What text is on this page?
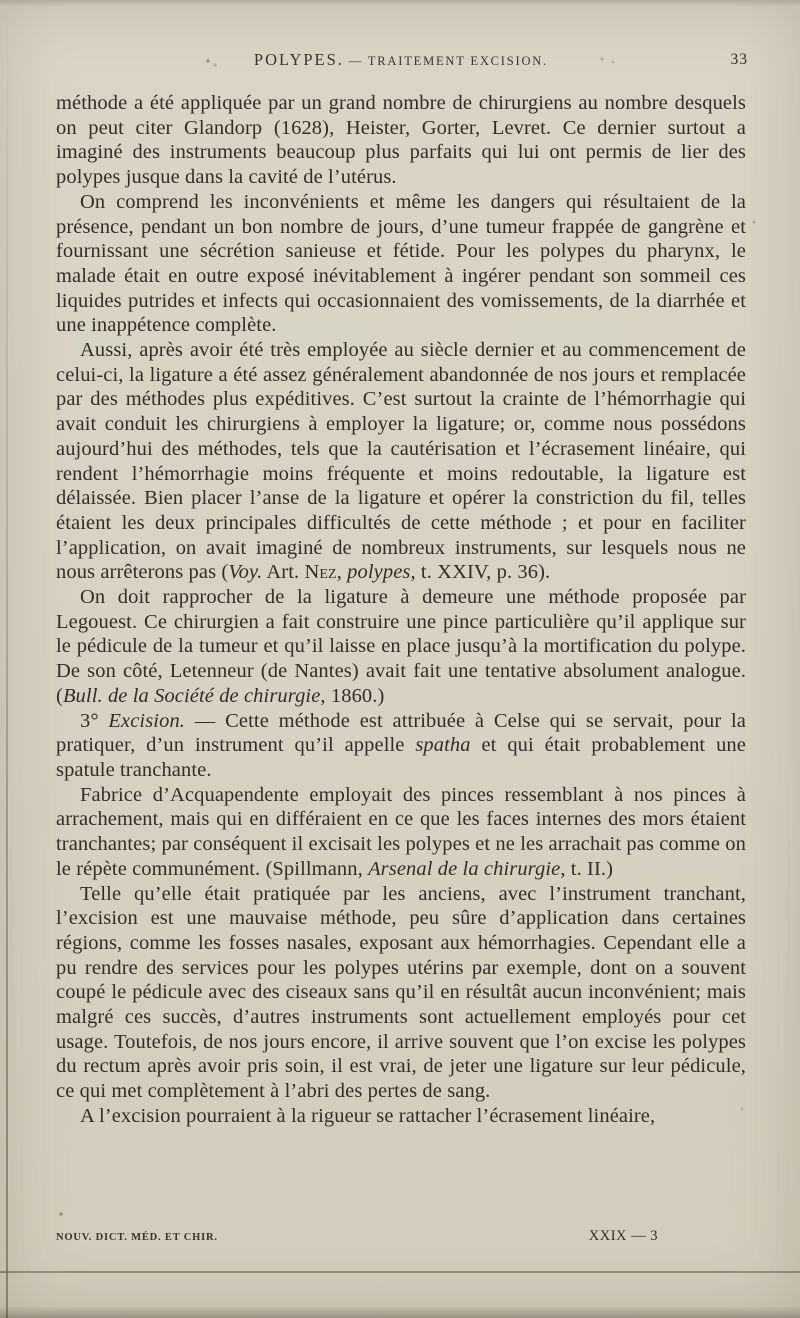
POLYPES. — TRAITEMENT EXCISION.	33

méthode a été appliquée par un grand nombre de chirurgiens au nombre desquels on peut citer Glandorp (1628), Heister, Gorter, Levret. Ce dernier surtout a imaginé des instruments beaucoup plus parfaits qui lui ont permis de lier des polypes jusque dans la cavité de l’utérus.

On comprend les inconvénients et même les dangers qui résultaient de la présence, pendant un bon nombre de jours, d’une tumeur frappée de gangrène et fournissant une sécrétion sanieuse et fétide. Pour les polypes du pharynx, le malade était en outre exposé inévitablement à ingérer pendant son sommeil ces liquides putrides et infects qui occasionnaient des vomissements, de la diarrhée et une inappétence complète.

Aussi, après avoir été très employée au siècle dernier et au commencement de celui-ci, la ligature a été assez généralement abandonnée de nos jours et remplacée par des méthodes plus expéditives. C’est surtout la crainte de l’hémorrhagie qui avait conduit les chirurgiens à employer la ligature; or, comme nous possédons aujourd’hui des méthodes, tels que la cautérisation et l’écrasement linéaire, qui rendent l’hémorrhagie moins fréquente et moins redoutable, la ligature est délaissée. Bien placer l’anse de la ligature et opérer la constriction du fil, telles étaient les deux principales difficultés de cette méthode ; et pour en faciliter l’application, on avait imaginé de nombreux instruments, sur lesquels nous ne nous arrêterons pas (Voy. Art. Nez, polypes, t. XXIV, p. 36).

On doit rapprocher de la ligature à demeure une méthode proposée par Legouest. Ce chirurgien a fait construire une pince particulière qu’il applique sur le pédicule de la tumeur et qu’il laisse en place jusqu’à la mortification du polype. De son côté, Letenneur (de Nantes) avait fait une tentative absolument analogue. (Bull. de la Société de chirurgie, 1860.)

3° Excision. — Cette méthode est attribuée à Celse qui se servait, pour la pratiquer, d’un instrument qu’il appelle spatha et qui était probablement une spatule tranchante.

Fabrice d’Acquapendente employait des pinces ressemblant à nos pinces à arrachement, mais qui en différaient en ce que les faces internes des mors étaient tranchantes; par conséquent il excisait les polypes et ne les arrachait pas comme on le répète communément. (Spillmann, Arsenal de la chirurgie, t. II.)

Telle qu’elle était pratiquée par les anciens, avec l’instrument tranchant, l’excision est une mauvaise méthode, peu sûre d’application dans certaines régions, comme les fosses nasales, exposant aux hémorrhagies. Cependant elle a pu rendre des services pour les polypes utérins par exemple, dont on a souvent coupé le pédicule avec des ciseaux sans qu’il en résultât aucun inconvénient; mais malgré ces succès, d’autres instruments sont actuellement employés pour cet usage. Toutefois, de nos jours encore, il arrive souvent que l’on excise les polypes du rectum après avoir pris soin, il est vrai, de jeter une ligature sur leur pédicule, ce qui met complètement à l’abri des pertes de sang.

A l’excision pourraient à la rigueur se rattacher l’écrasement linéaire,

NOUV. DICT. MÉD. ET CHIR.	XXIX — 3
